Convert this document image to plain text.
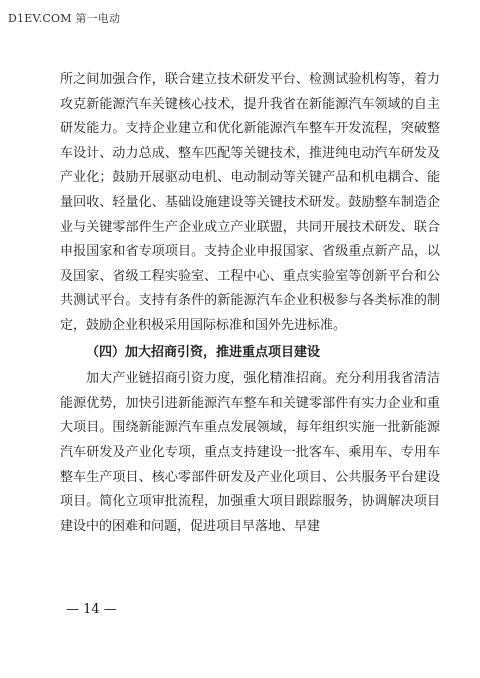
D1EV.COM 第一电动

所之间加强合作，联合建立技术研发平台、检测试验机构等，着力攻克新能源汽车关键核心技术，提升我省在新能源汽车领域的自主研发能力。支持企业建立和优化新能源汽车整车开发流程，突破整车设计、动力总成、整车匹配等关键技术，推进纯电动汽车研发及产业化；鼓励开展驱动电机、电动制动等关键产品和机电耦合、能量回收、轻量化、基础设施建设等关键技术研发。鼓励整车制造企业与关键零部件生产企业成立产业联盟，共同开展技术研发、联合申报国家和省专项项目。支持企业申报国家、省级重点新产品，以及国家、省级工程实验室、工程中心、重点实验室等创新平台和公共测试平台。支持有条件的新能源汽车企业积极参与各类标准的制定，鼓励企业积极采用国际标准和国外先进标准。

（四）加大招商引资，推进重点项目建设

加大产业链招商引资力度，强化精准招商。充分利用我省清洁能源优势，加快引进新能源汽车整车和关键零部件有实力企业和重大项目。围绕新能源汽车重点发展领域，每年组织实施一批新能源汽车研发及产业化专项，重点支持建设一批客车、乘用车、专用车整车生产项目、核心零部件研发及产业化项目、公共服务平台建设项目。简化立项审批流程，加强重大项目跟踪服务，协调解决项目建设中的困难和问题，促进项目早落地、早建

— 14 —
